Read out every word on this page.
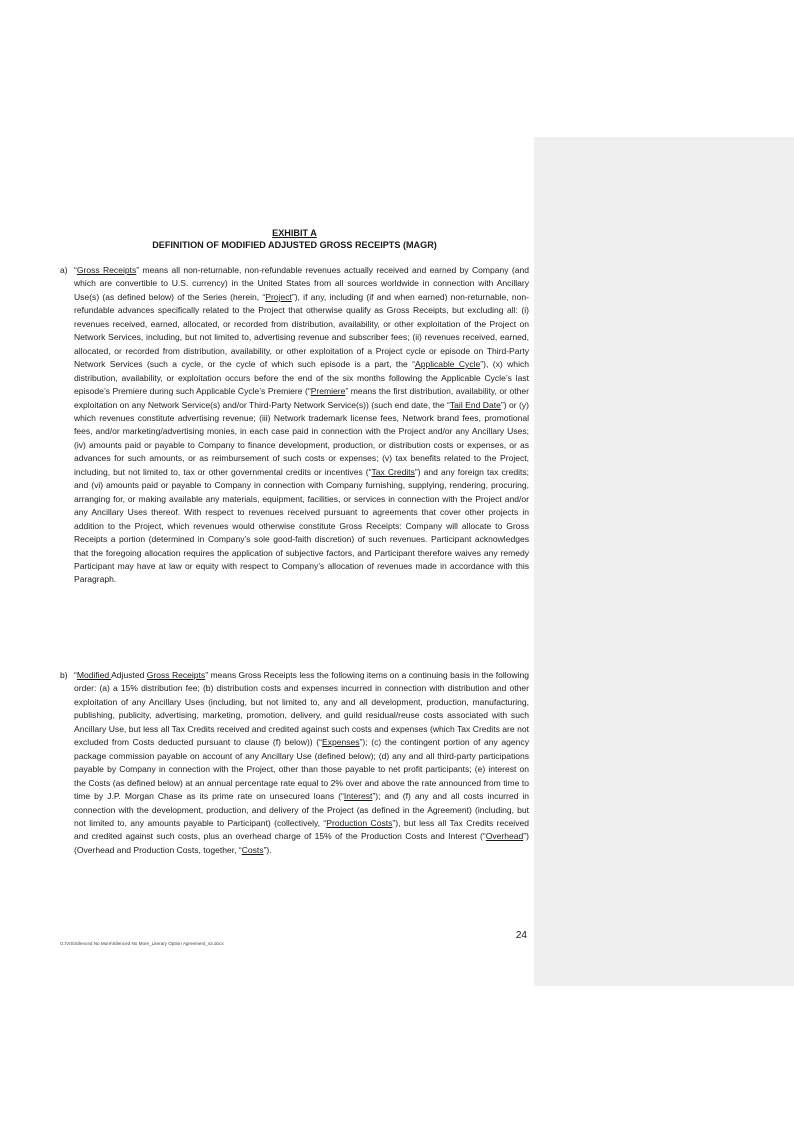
EXHIBIT A
DEFINITION OF MODIFIED ADJUSTED GROSS RECEIPTS (MAGR)
a) “Gross Receipts” means all non-returnable, non-refundable revenues actually received and earned by Company (and which are convertible to U.S. currency) in the United States from all sources worldwide in connection with Ancillary Use(s) (as defined below) of the Series (herein, “Project”), if any, including (if and when earned) non-returnable, non-refundable advances specifically related to the Project that otherwise qualify as Gross Receipts, but excluding all: (i) revenues received, earned, allocated, or recorded from distribution, availability, or other exploitation of the Project on Network Services, including, but not limited to, advertising revenue and subscriber fees; (ii) revenues received, earned, allocated, or recorded from distribution, availability, or other exploitation of a Project cycle or episode on Third-Party Network Services (such a cycle, or the cycle of which such episode is a part, the “Applicable Cycle”), (x) which distribution, availability, or exploitation occurs before the end of the six months following the Applicable Cycle’s last episode’s Premiere during such Applicable Cycle’s Premiere (“Premiere” means the first distribution, availability, or other exploitation on any Network Service(s) and/or Third-Party Network Service(s)) (such end date, the “Tail End Date”) or (y) which revenues constitute advertising revenue; (iii) Network trademark license fees, Network brand fees, promotional fees, and/or marketing/advertising monies, in each case paid in connection with the Project and/or any Ancillary Uses; (iv) amounts paid or payable to Company to finance development, production, or distribution costs or expenses, or as advances for such amounts, or as reimbursement of such costs or expenses; (v) tax benefits related to the Project, including, but not limited to, tax or other governmental credits or incentives (“Tax Credits”) and any foreign tax credits; and (vi) amounts paid or payable to Company in connection with Company furnishing, supplying, rendering, procuring, arranging for, or making available any materials, equipment, facilities, or services in connection with the Project and/or any Ancillary Uses thereof. With respect to revenues received pursuant to agreements that cover other projects in addition to the Project, which revenues would otherwise constitute Gross Receipts: Company will allocate to Gross Receipts a portion (determined in Company’s sole good-faith discretion) of such revenues. Participant acknowledges that the foregoing allocation requires the application of subjective factors, and Participant therefore waives any remedy Participant may have at law or equity with respect to Company’s allocation of revenues made in accordance with this Paragraph.
b) “Modified Adjusted Gross Receipts” means Gross Receipts less the following items on a continuing basis in the following order: (a) a 15% distribution fee; (b) distribution costs and expenses incurred in connection with distribution and other exploitation of any Ancillary Uses (including, but not limited to, any and all development, production, manufacturing, publishing, publicity, advertising, marketing, promotion, delivery, and guild residual/reuse costs associated with such Ancillary Use, but less all Tax Credits received and credited against such costs and expenses (which Tax Credits are not excluded from Costs deducted pursuant to clause (f) below)) (“Expenses”); (c) the contingent portion of any agency package commission payable on account of any Ancillary Use (defined below); (d) any and all third-party participations payable by Company in connection with the Project, other than those payable to net profit participants; (e) interest on the Costs (as defined below) at an annual percentage rate equal to 2% over and above the rate announced from time to time by J.P. Morgan Chase as its prime rate on unsecured loans (“Interest”); and (f) any and all costs incurred in connection with the development, production, and delivery of the Project (as defined in the Agreement) (including, but not limited to, any amounts payable to Participant) (collectively, “Production Costs”), but less all Tax Credits received and credited against such costs, plus an overhead charge of 15% of the Production Costs and Interest (“Overhead”) (Overhead and Production Costs, together, “Costs”).
24
G:\VIS\Silenced No More\Silenced No More_Literary Option Agreement_v2.docx
